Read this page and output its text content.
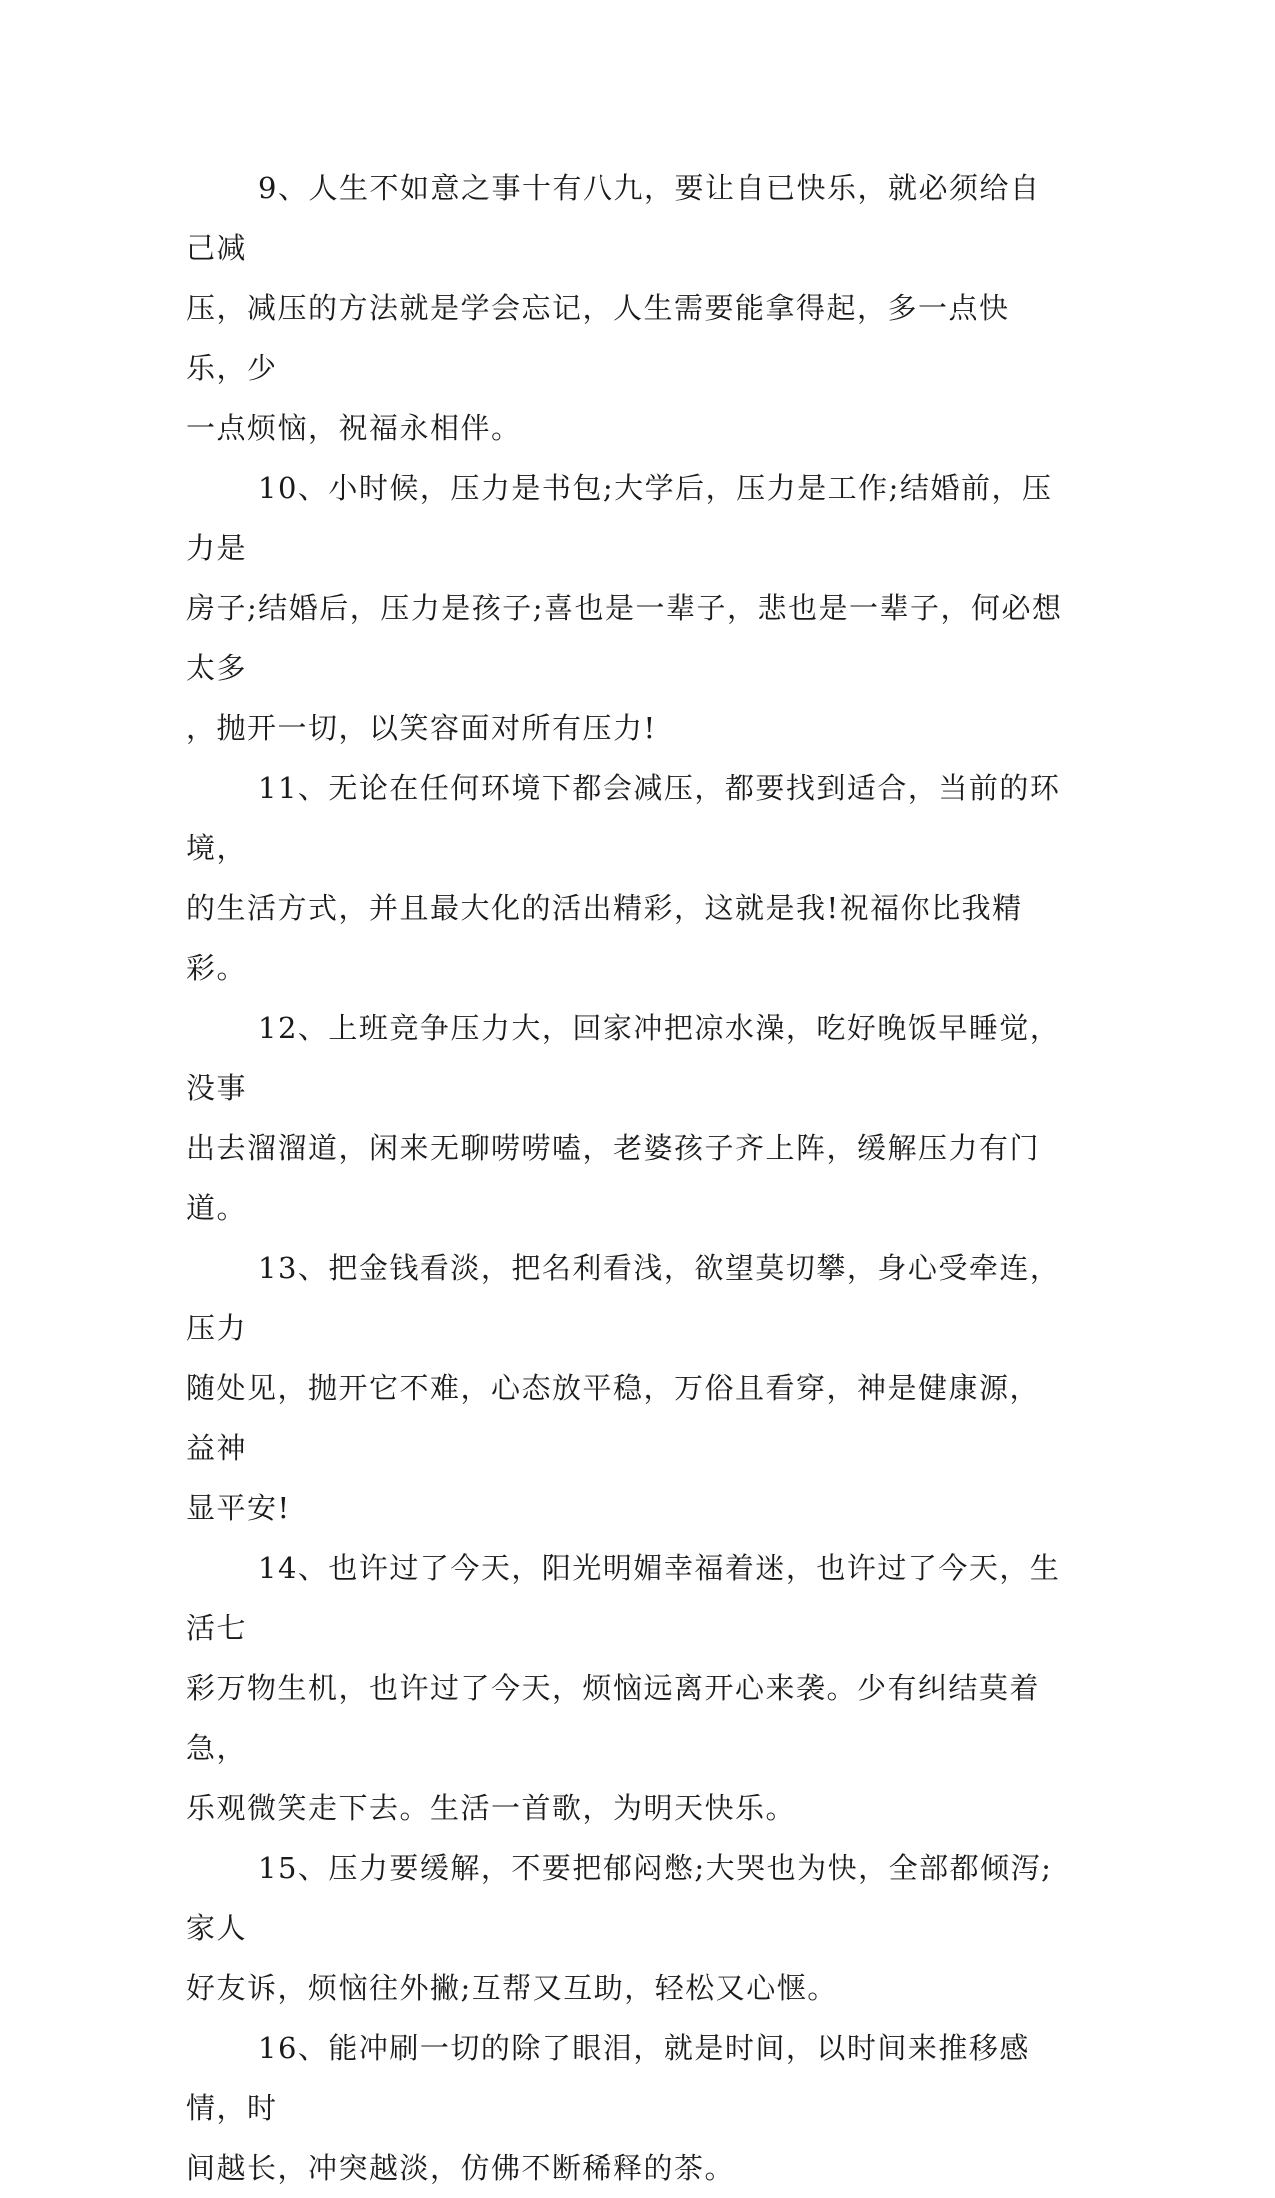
9、人生不如意之事十有八九，要让自已快乐，就必须给自己减
压，减压的方法就是学会忘记，人生需要能拿得起，多一点快乐，少
一点烦恼，祝福永相伴。

10、小时候，压力是书包;大学后，压力是工作;结婚前，压力是
房子;结婚后，压力是孩子;喜也是一辈子，悲也是一辈子，何必想太多
，抛开一切，以笑容面对所有压力!

11、无论在任何环境下都会减压，都要找到适合，当前的环境，
的生活方式，并且最大化的活出精彩，这就是我!祝福你比我精彩。

12、上班竞争压力大，回家冲把凉水澡，吃好晚饭早睡觉，没事
出去溜溜道，闲来无聊唠唠嗑，老婆孩子齐上阵，缓解压力有门道。

13、把金钱看淡，把名利看浅，欲望莫切攀，身心受牵连，压力
随处见，抛开它不难，心态放平稳，万俗且看穿，神是健康源，益神
显平安!

14、也许过了今天，阳光明媚幸福着迷，也许过了今天，生活七
彩万物生机，也许过了今天，烦恼远离开心来袭。少有纠结莫着急，
乐观微笑走下去。生活一首歌，为明天快乐。

15、压力要缓解，不要把郁闷憋;大哭也为快，全部都倾泻;家人
好友诉，烦恼往外撇;互帮又互助，轻松又心惬。

16、能冲刷一切的除了眼泪，就是时间，以时间来推移感情，时
间越长，冲突越淡，仿佛不断稀释的茶。
